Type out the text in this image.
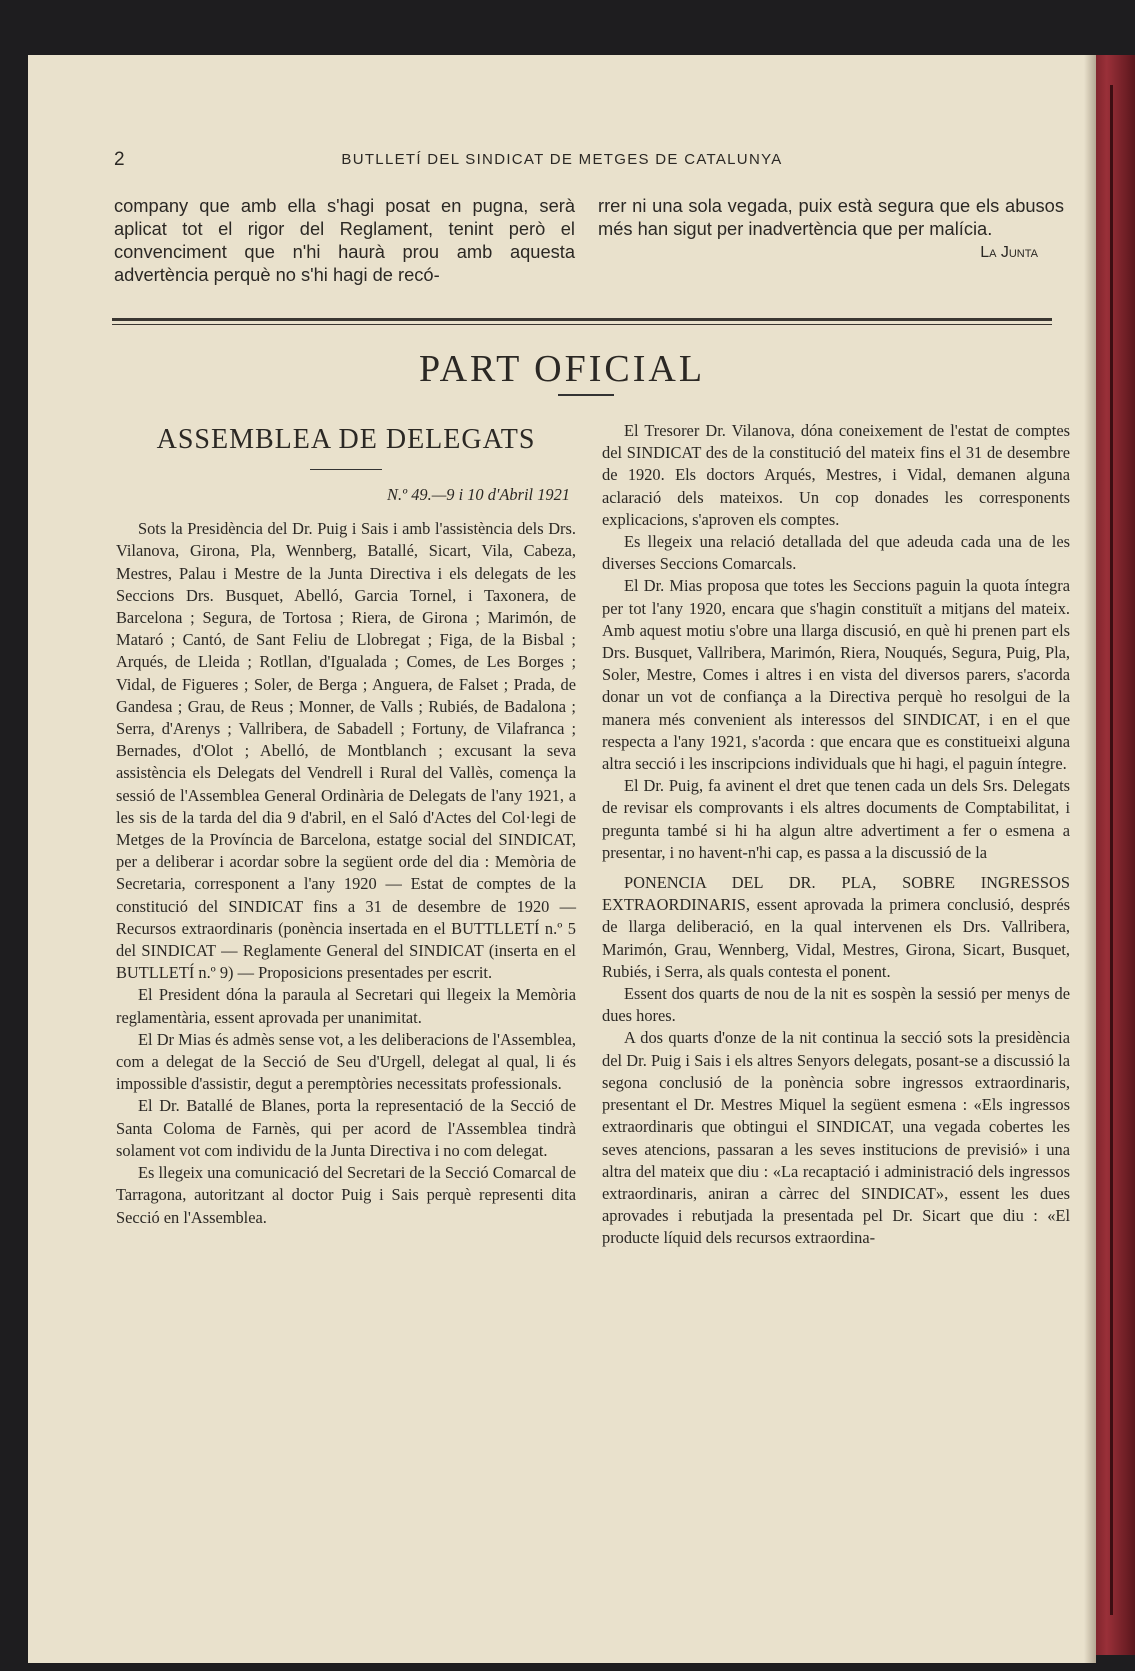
2	BUTLLETÍ DEL SINDICAT DE METGES DE CATALUNYA

company que amb ella s'hagi posat en pugna, serà aplicat tot el rigor del Reglament, tenint però el convenciment que n'hi haurà prou amb aquesta advertència perquè no s'hi hagi de recó-

rrer ni una sola vegada, puix està segura que els abusos més han sigut per inadvertència que per malícia.

La Junta
PART OFICIAL
ASSEMBLEA DE DELEGATS
N.º 49.—9 i 10 d'Abril 1921

Sots la Presidència del Dr. Puig i Sais i amb l'assistència dels Drs. Vilanova, Girona, Pla, Wennberg, Batallé, Sicart, Vila, Cabeza, Mestres, Palau i Mestre de la Junta Directiva i els delegats de les Seccions Drs. Busquet, Abelló, Garcia Tornel, i Taxonera, de Barcelona ; Segura, de Tortosa ; Riera, de Girona ; Marimón, de Mataró ; Cantó, de Sant Feliu de Llobregat ; Figa, de la Bisbal ; Arqués, de Lleida ; Rotllan, d'Igualada ; Comes, de Les Borges ; Vidal, de Figueres ; Soler, de Berga ; Anguera, de Falset ; Prada, de Gandesa ; Grau, de Reus ; Monner, de Valls ; Rubiés, de Badalona ; Serra, d'Arenys ; Vallribera, de Sabadell ; Fortuny, de Vilafranca ; Bernades, d'Olot ; Abelló, de Montblanch ; excusant la seva assistència els Delegats del Vendrell i Rural del Vallès, comença la sessió de l'Assemblea General Ordinària de Delegats de l'any 1921, a les sis de la tarda del dia 9 d'abril, en el Saló d'Actes del Col·legi de Metges de la Província de Barcelona, estatge social del SINDICAT, per a deliberar i acordar sobre la següent orde del dia : Memòria de Secretaria, corresponent a l'any 1920 — Estat de comptes de la constitució del SINDICAT fins a 31 de desembre de 1920 — Recursos extraordinaris (ponència insertada en el BUTTLLETÍ n.º 5 del SINDICAT — Reglamente General del SINDICAT (inserta en el BUTLLETÍ n.º 9) — Proposicions presentades per escrit.

El President dóna la paraula al Secretari qui llegeix la Memòria reglamentària, essent aprovada per unanimitat.

El Dr Mias és admès sense vot, a les deliberacions de l'Assemblea, com a delegat de la Secció de Seu d'Urgell, delegat al qual, li és impossible d'assistir, degut a peremptòries necessitats professionals.

El Dr. Batallé de Blanes, porta la representació de la Secció de Santa Coloma de Farnès, qui per acord de l'Assemblea tindrà solament vot com individu de la Junta Directiva i no com delegat.

Es llegeix una comunicació del Secretari de la Secció Comarcal de Tarragona, autoritzant al doctor Puig i Sais perquè representi dita Secció en l'Assemblea.

El Tresorer Dr. Vilanova, dóna coneixement de l'estat de comptes del SINDICAT des de la constitució del mateix fins el 31 de desembre de 1920. Els doctors Arqués, Mestres, i Vidal, demanen alguna aclaració dels mateixos. Un cop donades les corresponents explicacions, s'aproven els comptes.

Es llegeix una relació detallada del que adeuda cada una de les diverses Seccions Comarcals.

El Dr. Mias proposa que totes les Seccions paguin la quota íntegra per tot l'any 1920, encara que s'hagin constituït a mitjans del mateix. Amb aquest motiu s'obre una llarga discusió, en què hi prenen part els Drs. Busquet, Vallribera, Marimón, Riera, Nouqués, Segura, Puig, Pla, Soler, Mestre, Comes i altres i en vista del diversos parers, s'acorda donar un vot de confiança a la Directiva perquè ho resolgui de la manera més convenient als interessos del SINDICAT, i en el que respecta a l'any 1921, s'acorda : que encara que es constitueixi alguna altra secció i les inscripcions individuals que hi hagi, el paguin íntegre.

El Dr. Puig, fa avinent el dret que tenen cada un dels Srs. Delegats de revisar els comprovants i els altres documents de Comptabilitat, i pregunta també si hi ha algun altre advertiment a fer o esmena a presentar, i no havent-n'hi cap, es passa a la discussió de la

PONENCIA DEL DR. PLA, SOBRE INGRESSOS EXTRAORDINARIS, essent aprovada la primera conclusió, després de llarga deliberació, en la qual intervenen els Drs. Vallribera, Marimón, Grau, Wennberg, Vidal, Mestres, Girona, Sicart, Busquet, Rubiés, i Serra, als quals contesta el ponent.

Essent dos quarts de nou de la nit es sospèn la sessió per menys de dues hores.

A dos quarts d'onze de la nit continua la secció sots la presidència del Dr. Puig i Sais i els altres Senyors delegats, posant-se a discussió la segona conclusió de la ponència sobre ingressos extraordinaris, presentant el Dr. Mestres Miquel la següent esmena : «Els ingressos extraordinaris que obtingui el SINDICAT, una vegada cobertes les seves atencions, passaran a les seves institucions de previsió» i una altra del mateix que diu : «La recaptació i administració dels ingressos extraordinaris, aniran a càrrec del SINDICAT», essent les dues aprovades i rebutjada la presentada pel Dr. Sicart que diu : «El producte líquid dels recursos extraordina-
